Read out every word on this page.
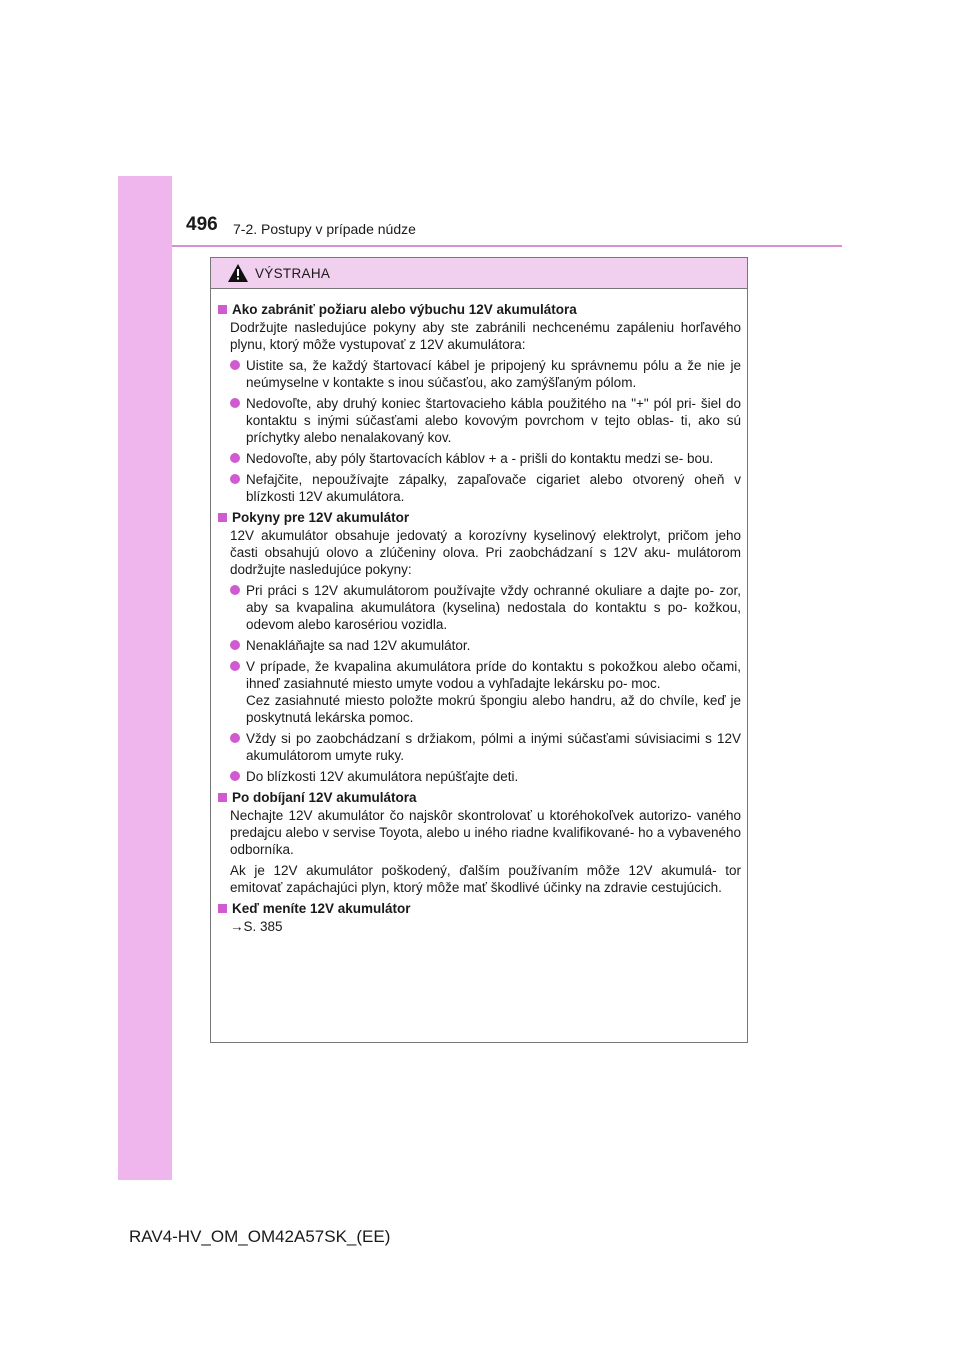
496 7-2. Postupy v prípade núdze
VÝSTRAHA
Ako zabrániť požiaru alebo výbuchu 12V akumulátora
Dodržujte nasledujúce pokyny aby ste zabránili nechcenému zapáleniu horľavého plynu, ktorý môže vystupovať z 12V akumulátora:
Uistite sa, že každý štartovací kábel je pripojený ku správnemu pólu a že nie je neúmyselne v kontakte s inou súčasťou, ako zamýšľaným pólom.
Nedovoľte, aby druhý koniec štartovacieho kábla použitého na "+" pól pri- šiel do kontaktu s inými súčasťami alebo kovovým povrchom v tejto oblas- ti, ako sú príchytky alebo nenalakovaný kov.
Nedovoľte, aby póly štartovacích káblov + a - prišli do kontaktu medzi se- bou.
Nefajčite, nepoužívajte zápalky, zapaľovače cigariet alebo otvorený oheň v blízkosti 12V akumulátora.
Pokyny pre 12V akumulátor
12V akumulátor obsahuje jedovatý a korozívny kyselinový elektrolyt, pričom jeho časti obsahujú olovo a zlúčeniny olova. Pri zaobchádzaní s 12V aku- mulátorom dodržujte nasledujúce pokyny:
Pri práci s 12V akumulátorom používajte vždy ochranné okuliare a dajte po- zor, aby sa kvapalina akumulátora (kyselina) nedostala do kontaktu s po- kožkou, odevom alebo karosériou vozidla.
Nenakláňajte sa nad 12V akumulátor.
V prípade, že kvapalina akumulátora príde do kontaktu s pokožkou alebo očami, ihneď zasiahnuté miesto umyte vodou a vyhľadajte lekársku po- moc.
Cez zasiahnuté miesto položte mokrú špongiu alebo handru, až do chvíle, keď je poskytnutá lekárska pomoc.
Vždy si po zaobchádzaní s držiakom, pólmi a inými súčasťami súvisiacimi s 12V akumulátorom umyte ruky.
Do blízkosti 12V akumulátora nepúšťajte deti.
Po dobíjaní 12V akumulátora
Nechajte 12V akumulátor čo najskôr skontrolovať u ktoréhokoľvek autorizo- vaného predajcu alebo v servise Toyota, alebo u iného riadne kvalifikované- ho a vybaveného odborníka.
Ak je 12V akumulátor poškodený, ďalším používaním môže 12V akumulá- tor emitovať zapáchajúci plyn, ktorý môže mať škodlivé účinky na zdravie cestujúcich.
Keď meníte 12V akumulátor
→S. 385
RAV4-HV_OM_OM42A57SK_(EE)
